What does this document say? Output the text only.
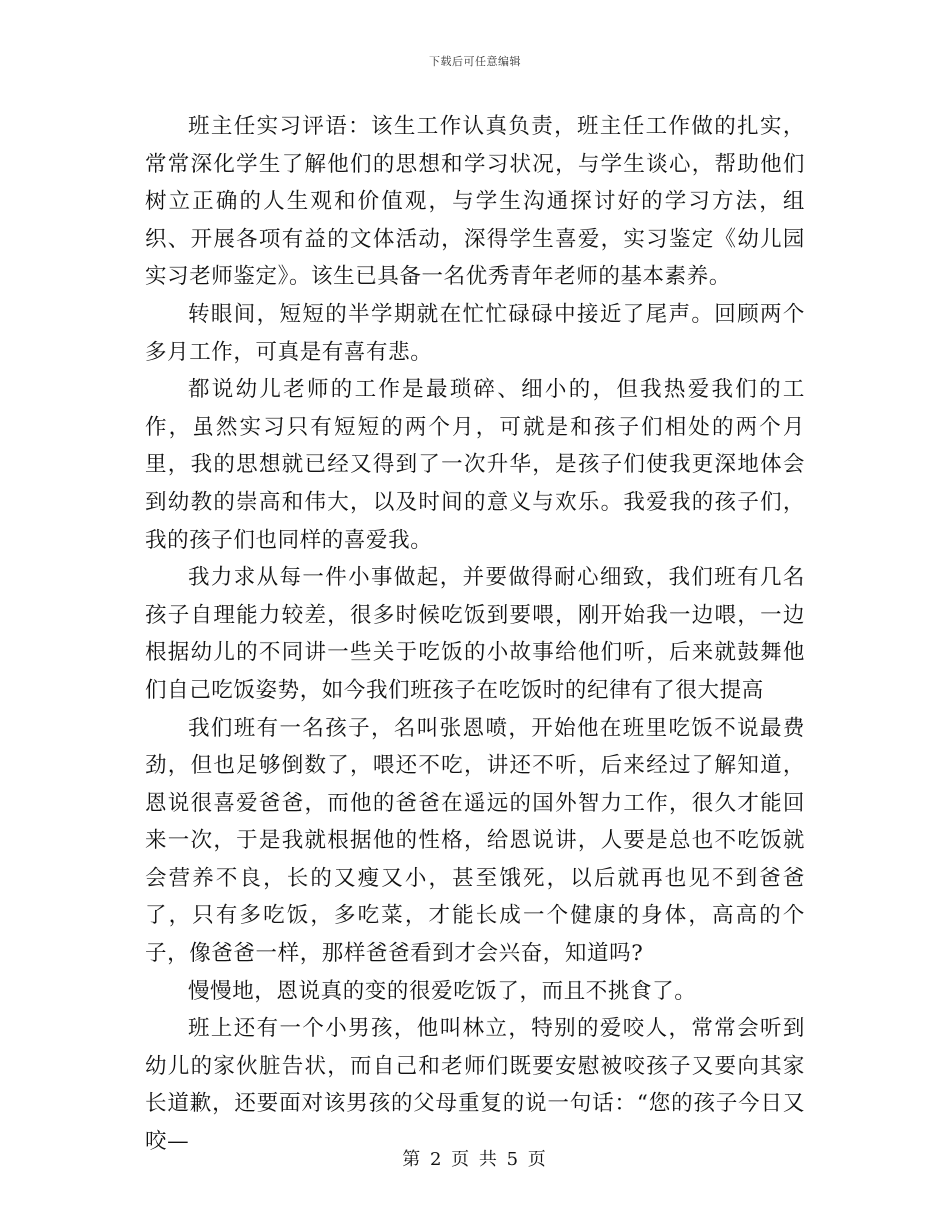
下载后可任意编辑

班主任实习评语：该生工作认真负责，班主任工作做的扎实，常常深化学生了解他们的思想和学习状况，与学生谈心，帮助他们树立正确的人生观和价值观，与学生沟通探讨好的学习方法，组织、开展各项有益的文体活动，深得学生喜爱，实习鉴定《幼儿园实习老师鉴定》。该生已具备一名优秀青年老师的基本素养。

转眼间，短短的半学期就在忙忙碌碌中接近了尾声。回顾两个多月工作，可真是有喜有悲。

都说幼儿老师的工作是最琐碎、细小的，但我热爱我们的工作，虽然实习只有短短的两个月，可就是和孩子们相处的两个月里，我的思想就已经又得到了一次升华，是孩子们使我更深地体会到幼教的崇高和伟大，以及时间的意义与欢乐。我爱我的孩子们，我的孩子们也同样的喜爱我。

我力求从每一件小事做起，并要做得耐心细致，我们班有几名孩子自理能力较差，很多时候吃饭到要喂，刚开始我一边喂，一边根据幼儿的不同讲一些关于吃饭的小故事给他们听，后来就鼓舞他们自己吃饭姿势，如今我们班孩子在吃饭时的纪律有了很大提高

我们班有一名孩子，名叫张恩喷，开始他在班里吃饭不说最费劲，但也足够倒数了，喂还不吃，讲还不听，后来经过了解知道，恩说很喜爱爸爸，而他的爸爸在遥远的国外智力工作，很久才能回来一次，于是我就根据他的性格，给恩说讲，人要是总也不吃饭就会营养不良，长的又瘦又小，甚至饿死，以后就再也见不到爸爸了，只有多吃饭，多吃菜，才能长成一个健康的身体，高高的个子，像爸爸一样，那样爸爸看到才会兴奋，知道吗?

慢慢地，恩说真的变的很爱吃饭了，而且不挑食了。

班上还有一个小男孩，他叫林立，特别的爱咬人，常常会听到幼儿的家伙脏告状，而自己和老师们既要安慰被咬孩子又要向其家长道歉，还要面对该男孩的父母重复的说一句话：“您的孩子今日又咬—

第 2 页 共 5 页
